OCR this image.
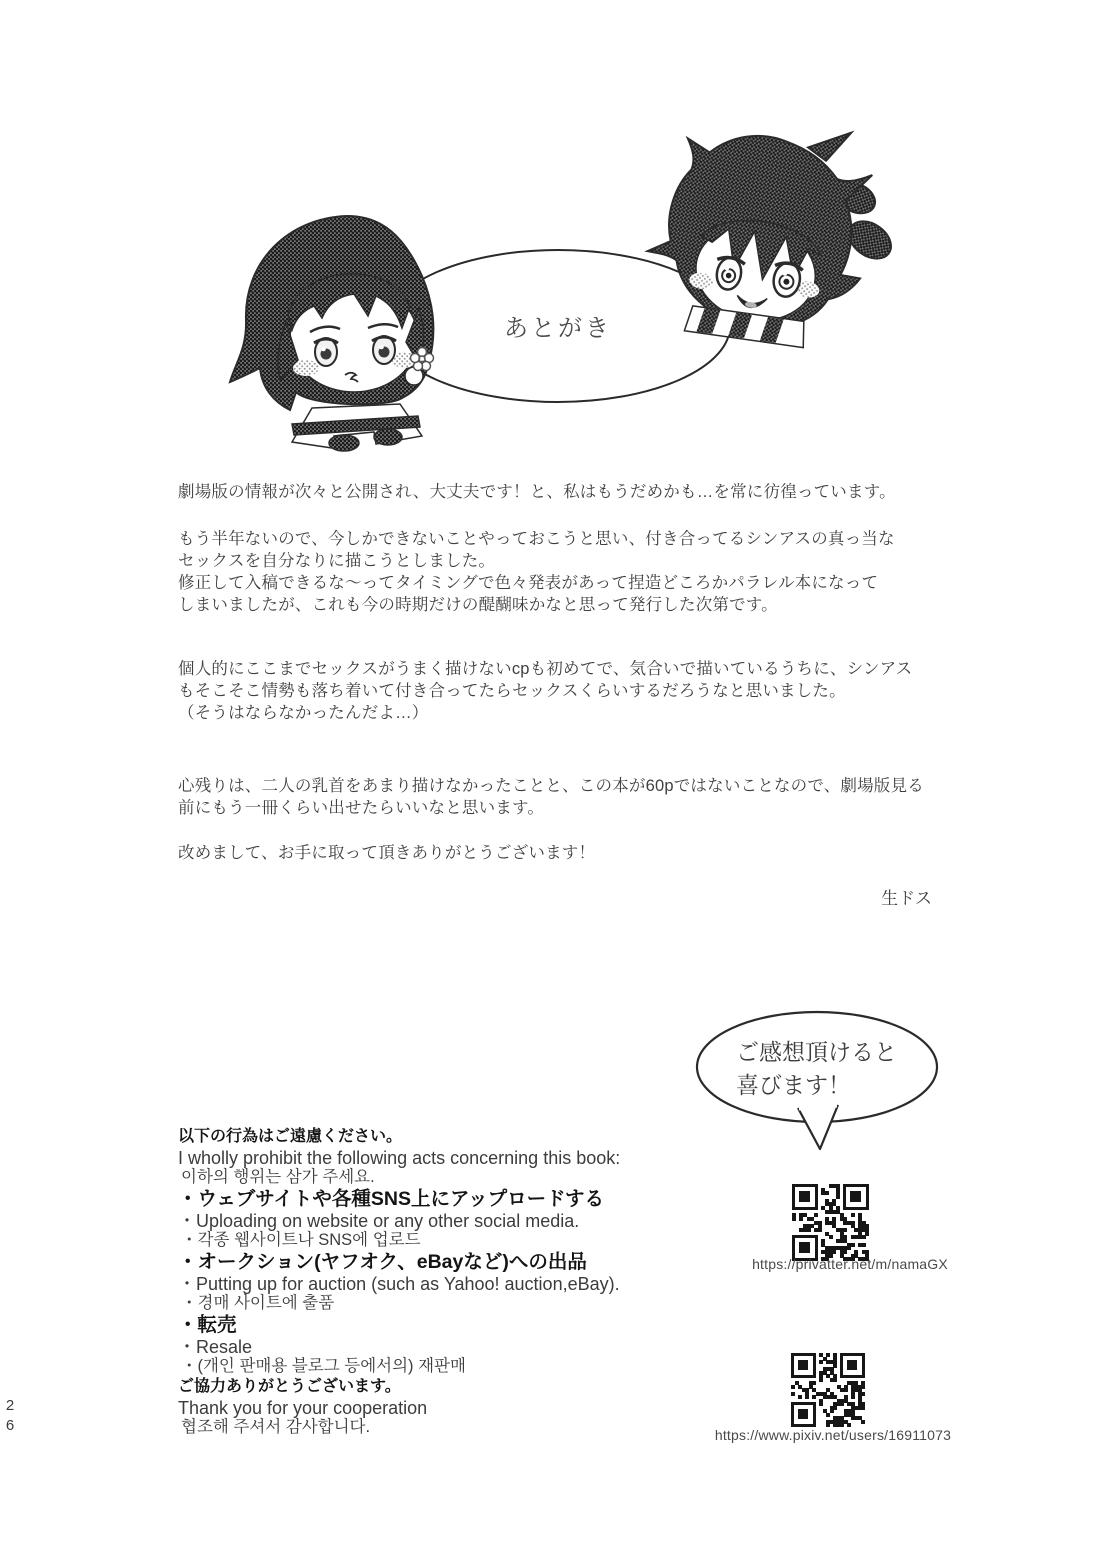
あとがき
劇場版の情報が次々と公開され、大丈夫です！と、私はもうだめかも…を常に彷徨っています。
もう半年ないので、今しかできないことやっておこうと思い、付き合ってるシンアスの真っ当な
セックスを自分なりに描こうとしました。
修正して入稿できるな〜ってタイミングで色々発表があって捏造どころかパラレル本になって
しまいましたが、これも今の時期だけの醍醐味かなと思って発行した次第です。
個人的にここまでセックスがうまく描けないcpも初めてで、気合いで描いているうちに、シンアス
もそこそこ情勢も落ち着いて付き合ってたらセックスくらいするだろうなと思いました。
（そうはならなかったんだよ…）
心残りは、二人の乳首をあまり描けなかったことと、この本が60pではないことなので、劇場版見る
前にもう一冊くらい出せたらいいなと思います。
改めまして、お手に取って頂きありがとうございます！
生ドス
ご感想頂けると
喜びます！
以下の行為はご遠慮ください。
I wholly prohibit the following acts concerning this book:
이하의 행위는 삼가 주세요.
・ウェブサイトや各種SNS上にアップロードする
・Uploading on website or any other social media.
・각종 웹사이트나 SNS에 업로드
・オークション(ヤフオク、eBayなど)への出品
・Putting up for auction (such as Yahoo! auction,eBay).
・경매 사이트에 출품
・転売
・Resale
・(개인 판매용 블로그 등에서의) 재판매
ご協力ありがとうございます。
Thank you for your cooperation
협조해 주셔서 감사합니다.
https://privatter.net/m/namaGX
https://www.pixiv.net/users/16911073
2
6
